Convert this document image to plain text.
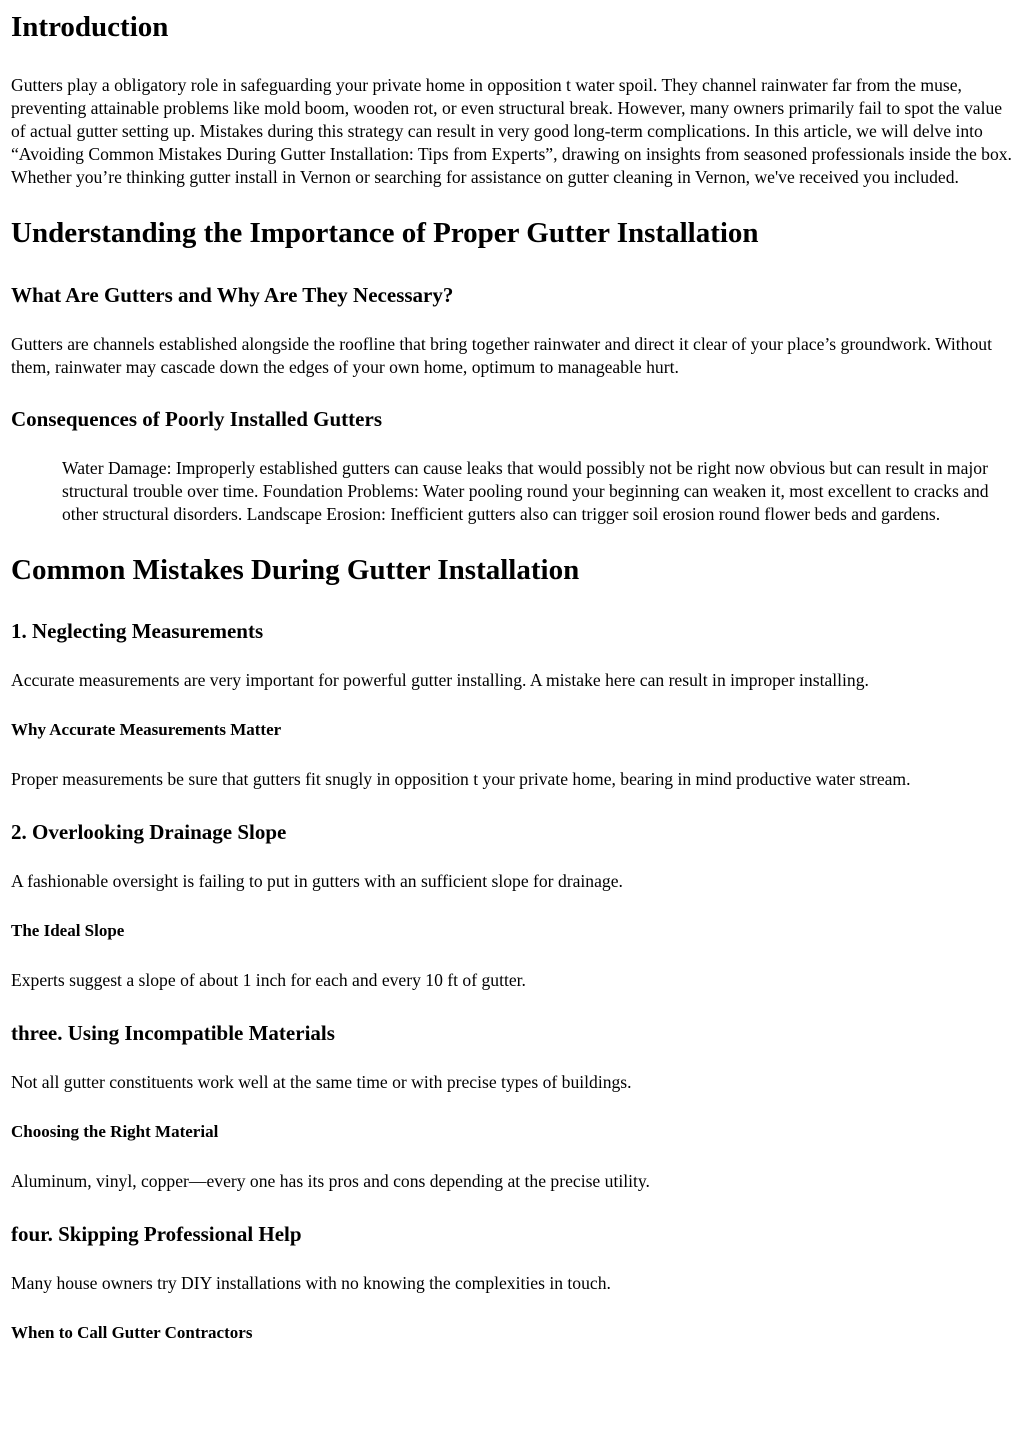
Introduction

Gutters play a obligatory role in safeguarding your private home in opposition t water spoil. They channel rainwater far from the muse, preventing attainable problems like mold boom, wooden rot, or even structural break. However, many owners primarily fail to spot the value of actual gutter setting up. Mistakes during this strategy can result in very good long-term complications. In this article, we will delve into “Avoiding Common Mistakes During Gutter Installation: Tips from Experts”, drawing on insights from seasoned professionals inside the box. Whether you’re thinking gutter install in Vernon or searching for assistance on gutter cleaning in Vernon, we've received you included.

Understanding the Importance of Proper Gutter Installation
What Are Gutters and Why Are They Necessary?

Gutters are channels established alongside the roofline that bring together rainwater and direct it clear of your place’s groundwork. Without them, rainwater may cascade down the edges of your own home, optimum to manageable hurt.

Consequences of Poorly Installed Gutters

Water Damage: Improperly established gutters can cause leaks that would possibly not be right now obvious but can result in major structural trouble over time. Foundation Problems: Water pooling round your beginning can weaken it, most excellent to cracks and other structural disorders. Landscape Erosion: Inefficient gutters also can trigger soil erosion round flower beds and gardens.

Common Mistakes During Gutter Installation
1. Neglecting Measurements

Accurate measurements are very important for powerful gutter installing. A mistake here can result in improper installing.

Why Accurate Measurements Matter

Proper measurements be sure that gutters fit snugly in opposition t your private home, bearing in mind productive water stream.

2. Overlooking Drainage Slope

A fashionable oversight is failing to put in gutters with an sufficient slope for drainage.

The Ideal Slope

Experts suggest a slope of about 1 inch for each and every 10 ft of gutter.

three. Using Incompatible Materials

Not all gutter constituents work well at the same time or with precise types of buildings.

Choosing the Right Material

Aluminum, vinyl, copper—every one has its pros and cons depending at the precise utility.

four. Skipping Professional Help

Many house owners try DIY installations with no knowing the complexities in touch.

When to Call Gutter Contractors
